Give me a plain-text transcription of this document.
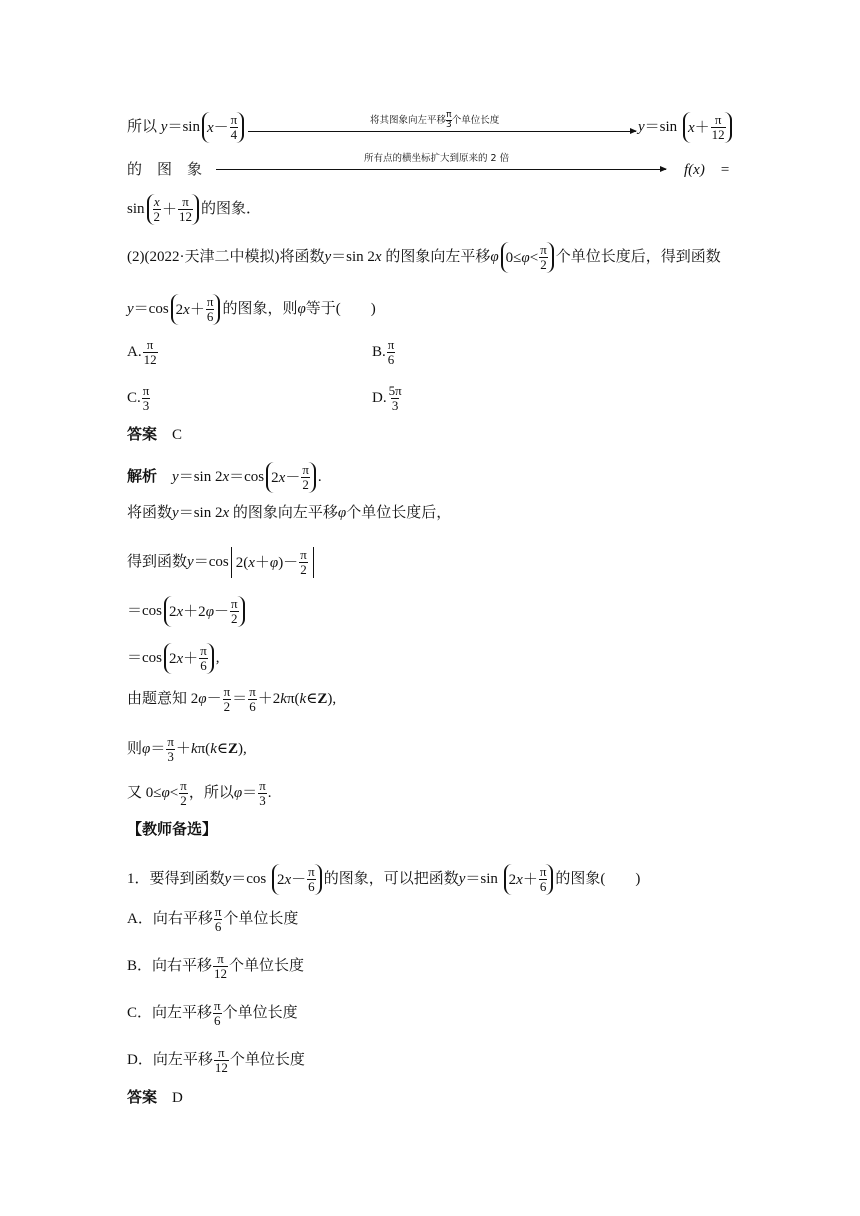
所以 y＝sin $x - \frac{\pi}{4}$	将其图象向左平移 $\frac{\pi}{3}$ 个单位长度	y＝sin $x + \frac{\pi}{12}$
的　图　象
所有点的横坐标扩大到原来的 2 倍
f(x)　=
$\sin \frac{x}{2} + \frac{\pi}{12}$ 的图象．
(2)(2022·天津二中模拟)将函数y＝sin 2x 的图象向左平移φ $0\le \varphi < \frac{\pi}{2}$ 个单位长度后，得到函数
y＝cos 2 $x + \frac{\pi}{6}$ 的图象，则φ等于(　　)
A. $\frac{\pi}{12}$	B. $\frac{\pi}{6}$
C. $\frac{\pi}{3}$	D. $\frac{5\pi}{3}$
答案　 C
解析　 y＝sin 2x＝cos 2 $x - \frac{\pi}{2}$ .
将函数y＝sin 2x 的图象向左平移φ个单位长度后，
得到函数y＝cos 2( x ＋ φ )－ $\frac{\pi}{2}$
＝cos 2 x ＋2 $\varphi - \frac{\pi}{2}$
＝cos 2 $x + \frac{\pi}{6}$ ,
由题意知 $2\varphi- \frac{\pi}{2} = \frac{\pi}{6}$ ＋2kπ(k∈Z),
则$\varphi= \frac{\pi}{3}$ ＋kπ(k∈Z),
又 $0\le\varphi< \frac{\pi}{2}$ ，所以$\varphi= \frac{\pi}{3}$ .
【教师备选】
1．要得到函数y＝cos 2 $x - \frac{\pi}{6}$ 的图象，可以把函数y＝sin 2 $x + \frac{\pi}{6}$ 的图象(　　)
A．向右平移 $\frac{\pi}{6}$ 个单位长度
B．向右平移 $\frac{\pi}{12}$ 个单位长度
C．向左平移 $\frac{\pi}{6}$ 个单位长度
D．向左平移 $\frac{\pi}{12}$ 个单位长度
答案　 D
